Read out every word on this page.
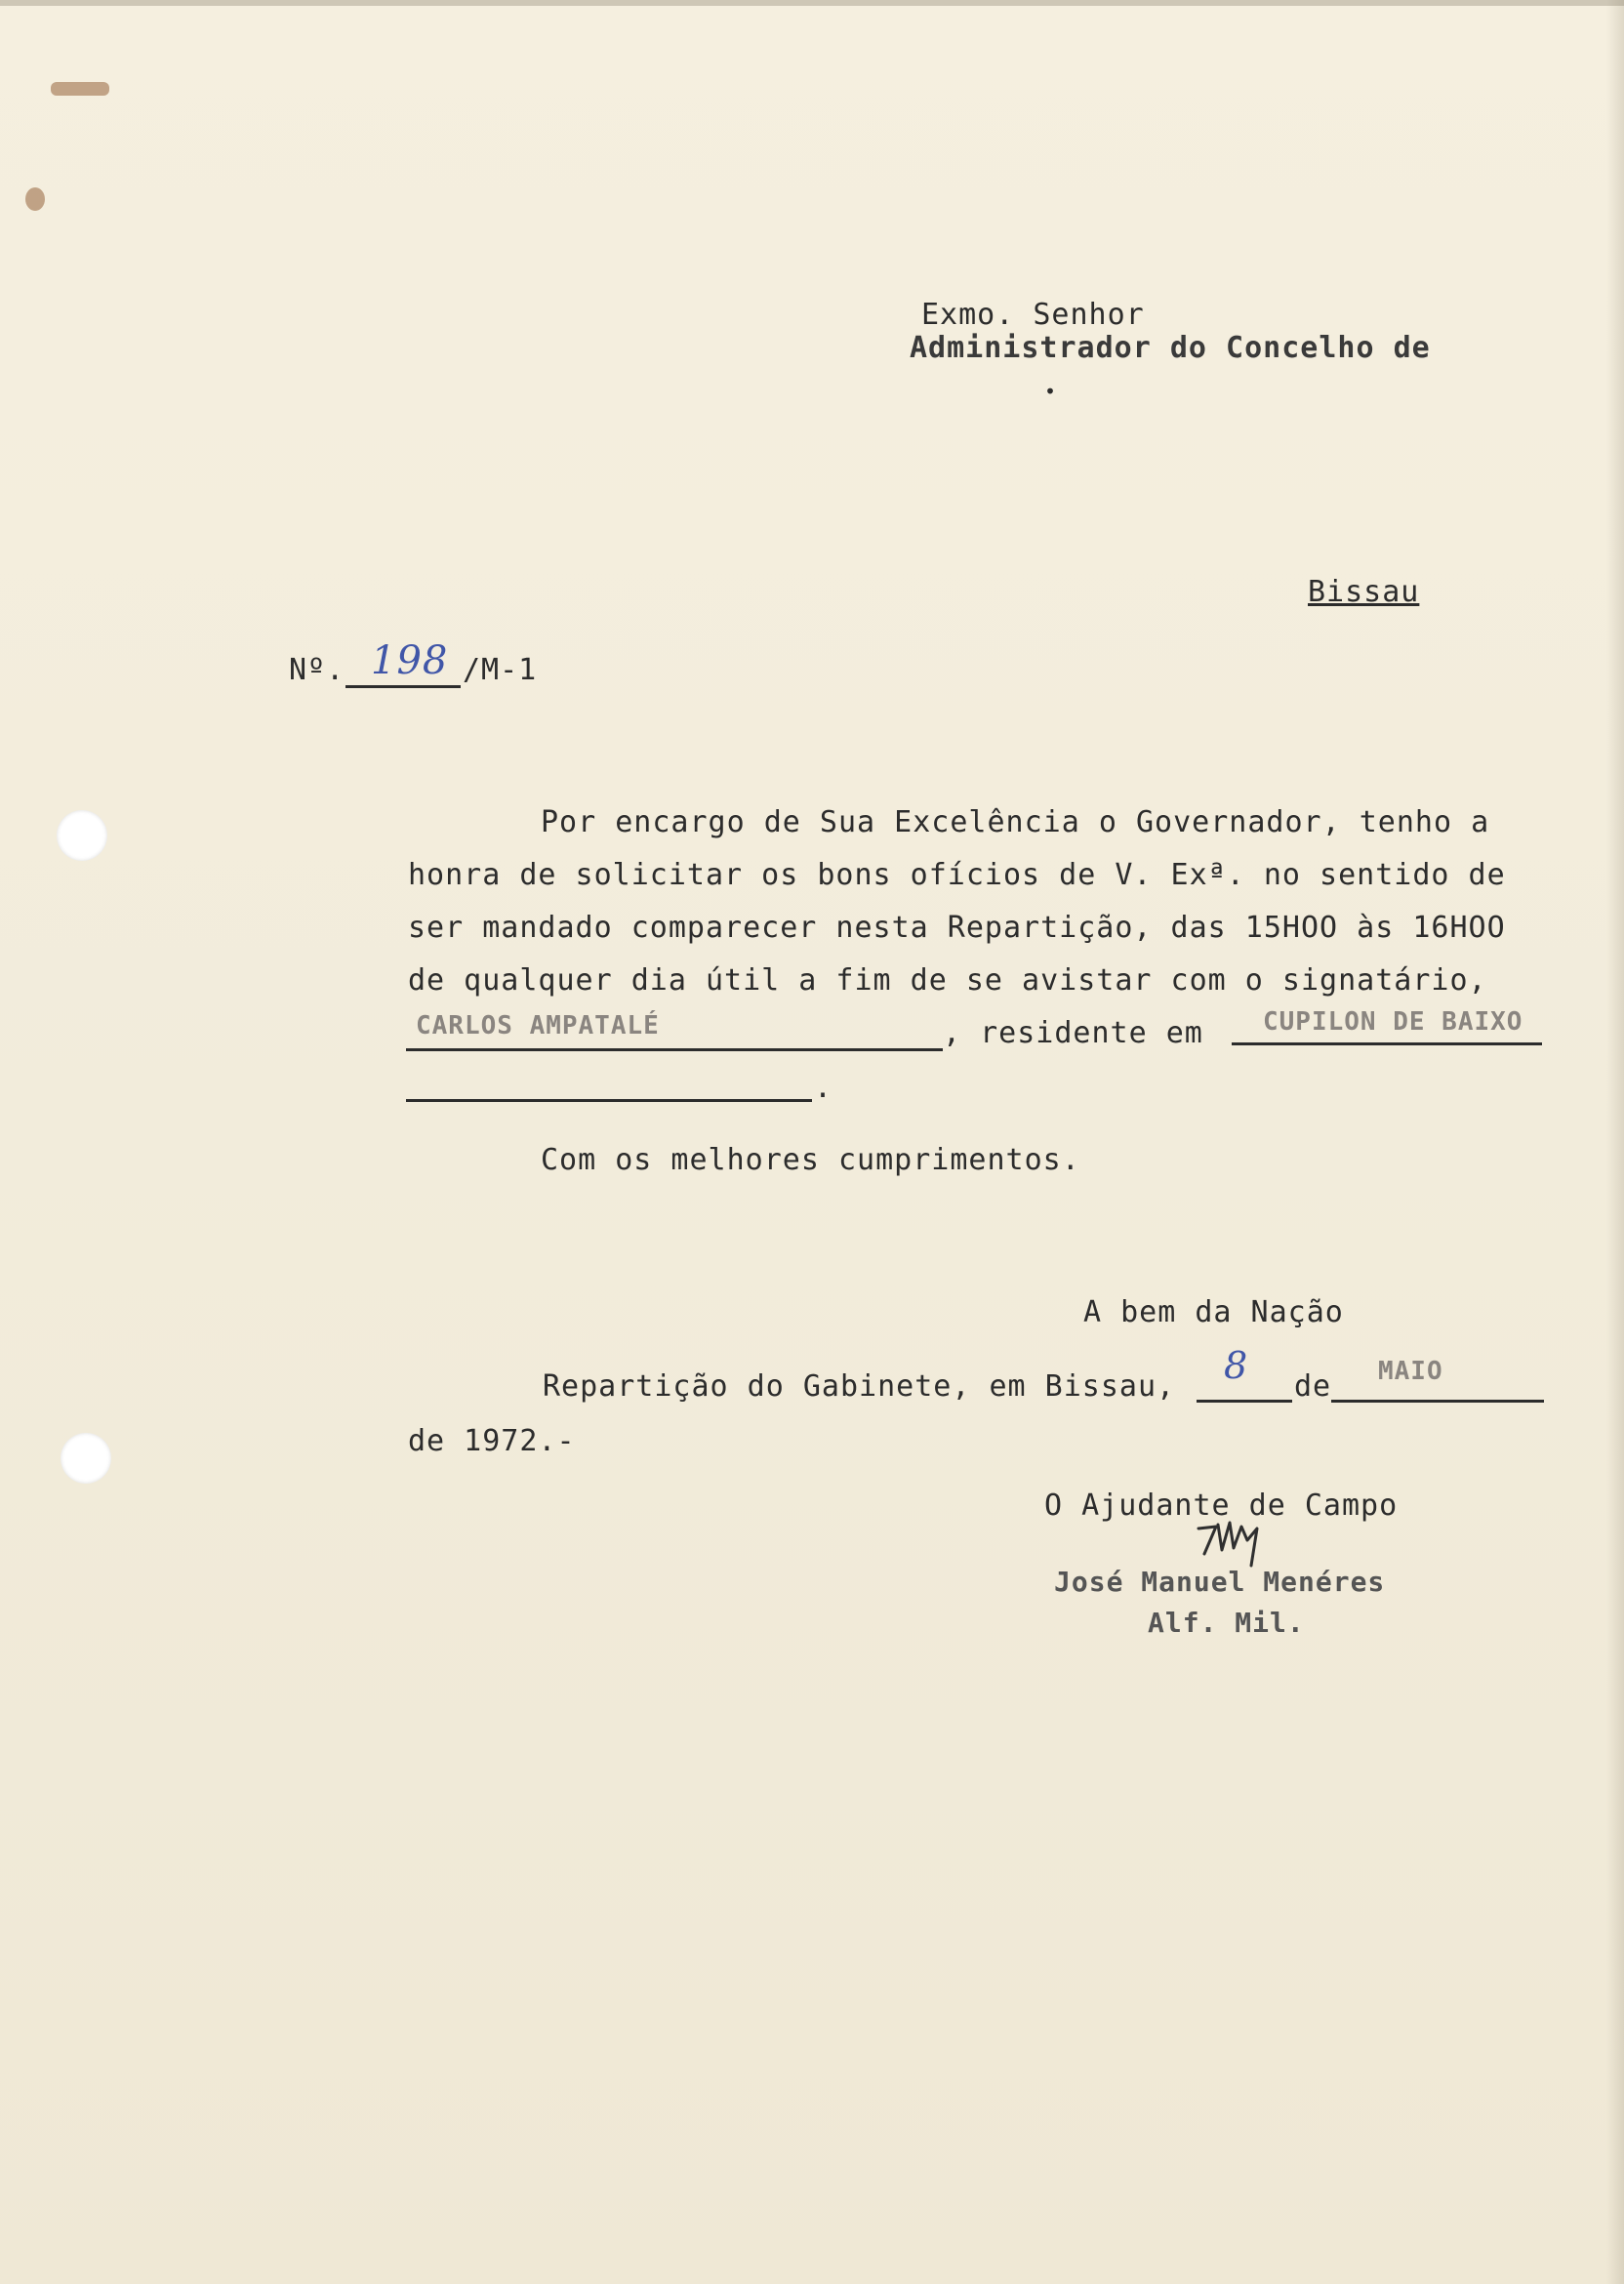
Exmo. Senhor
Administrador do Concelho de
•
Bissau
Nº. 198 /M-1
Por encargo de Sua Excelência o Governador, tenho a
honra de solicitar os bons ofícios de V. Exª. no sentido de
ser mandado comparecer nesta Repartição, das 15HOO às 16HOO
de qualquer dia útil a fim de se avistar com o signatário,
CARLOS AMPATALÉ	, residente em CUPILON DE BAIXO
.
Com os melhores cumprimentos.
A bem da Nação
Repartição do Gabinete, em Bissau, 8 de MAIO
de 1972.-
O Ajudante de Campo
José Manuel Menéres
Alf. Mil.
